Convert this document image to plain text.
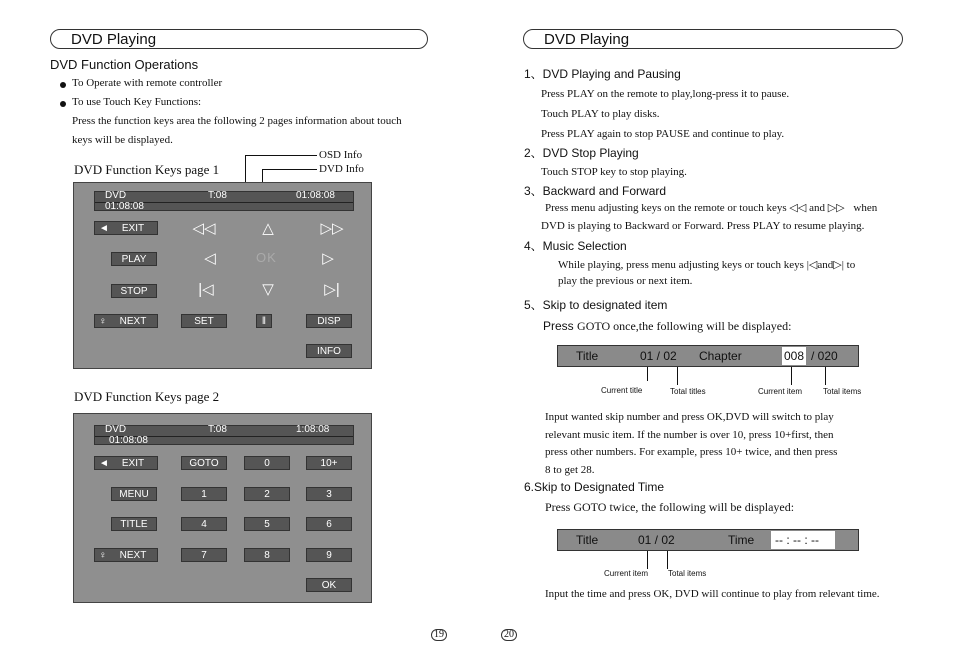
DVD Playing
DVD Function Operations
To Operate with remote controller
To use Touch Key Functions:
Press the function keys area the following 2 pages information about touch
keys will be displayed.
DVD Function Keys page 1
OSD Info
DVD Info
DVD	T:08	01:08:08
01:08:08
◄ EXIT	◁◁	△	▷▷
PLAY	◁	OK	▷
STOP	|◁	▽	▷|
♀ NEXT	SET	‖	DISP
INFO
DVD Function Keys page 2
DVD	T:08	1:08:08
01:08:08
◄ EXIT	GOTO	0	10+
MENU	1	2	3
TITLE	4	5	6
♀ NEXT	7	8	9
OK
19
DVD Playing
1、DVD Playing and Pausing
Press PLAY on the remote to play,long-press it to pause.
Touch PLAY to play disks.
Press PLAY again to stop PAUSE and continue to play.
2、DVD Stop Playing
Touch STOP key to stop playing.
3、Backward and Forward
Press menu adjusting keys on the remote or touch keys ◁◁ and ▷▷ when
DVD is playing to Backward or Forward. Press PLAY to resume playing.
4、Music Selection
While playing, press menu adjusting keys or touch keys |◁and▷| to
play the previous or next item.
5、Skip to designated item
Press GOTO once,the following will be displayed:
Title	01 / 02 Chapter	008 / 020
Current title	Total titles	Current item	Total items
Input wanted skip number and press OK,DVD will switch to play
relevant music item. If the number is over 10, press 10+first, then
press other numbers. For example, press 10+ twice, and then press
8 to get 28.
6.Skip to Designated Time
Press GOTO twice, the following will be displayed:
Title	01 / 02	Time	-- : -- : --
Current item Total items
Input the time and press OK, DVD will continue to play from relevant time.
20
